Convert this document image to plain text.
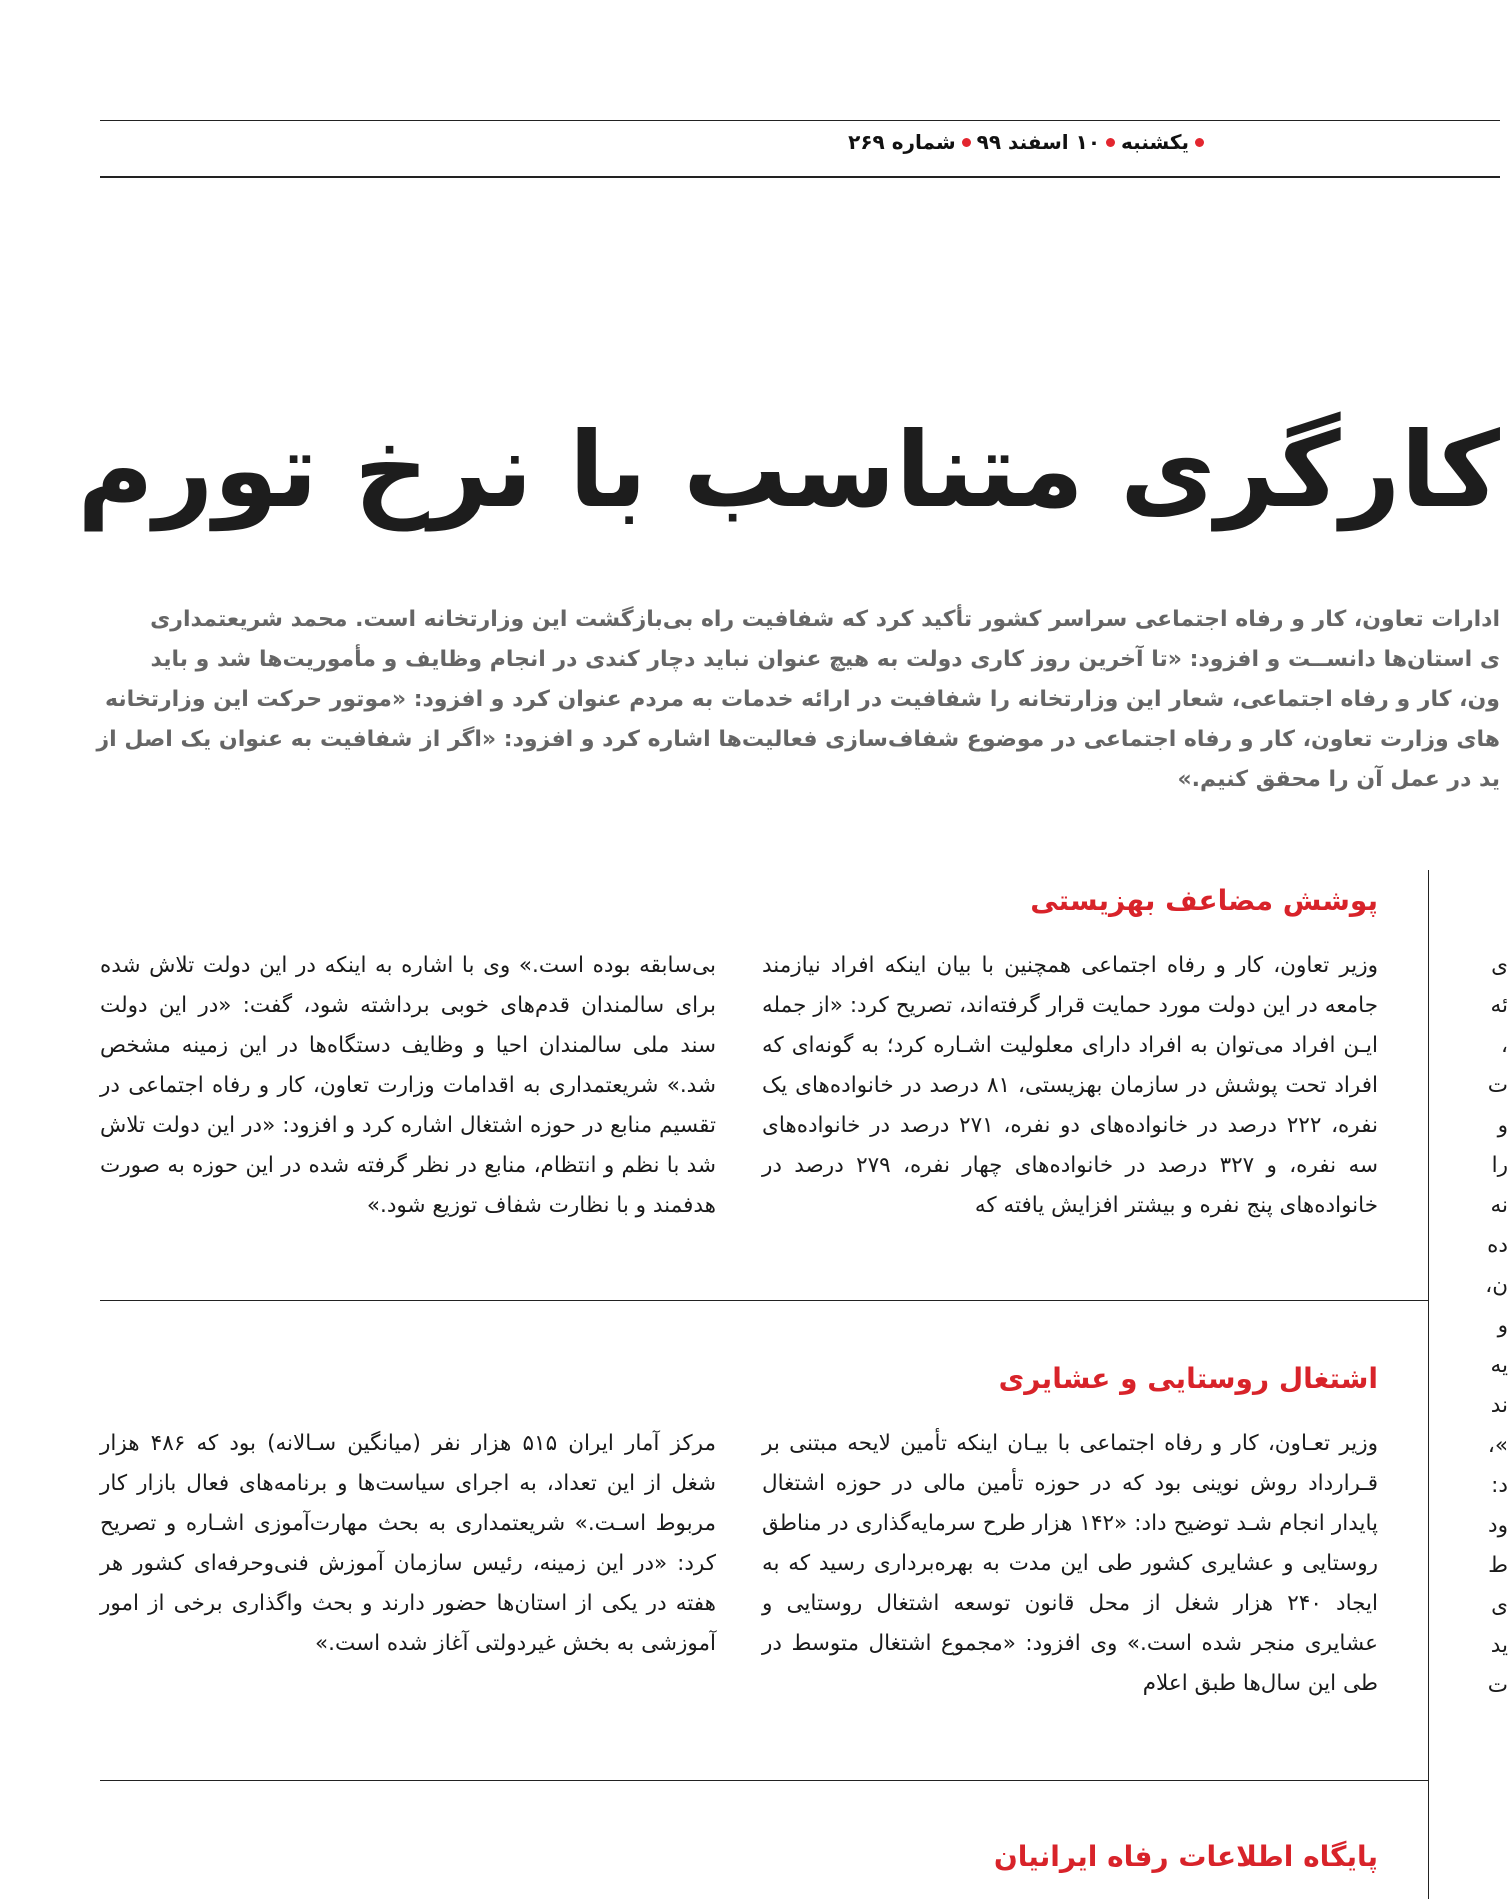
یکشنبه
۱۰ اسفند ۹۹
شماره ۲۶۹
کارگری متناسب با نرخ تورم
ادارات تعاون، کار و رفاه اجتماعی سراسر کشور تأکید کرد که شفافیت راه بی‌بازگشت این وزارتخانه است. محمد شریعتمداری
ی استان‌ها دانســت و افزود: «تا آخرین روز کاری دولت به هیچ عنوان نباید دچار کندی در انجام وظایف و مأموریت‌ها شد و باید
ون، کار و رفاه اجتماعی، شعار این وزارتخانه را شفافیت در ارائه خدمات به مردم عنوان کرد و افزود: «موتور حرکت این وزارتخانه
های وزارت تعاون، کار و رفاه اجتماعی در موضوع شفاف‌سازی فعالیت‌ها اشاره کرد و افزود: «اگر از شفافیت به عنوان یک اصل از
ید در عمل آن را محقق کنیم.»
پوشش مضاعف بهزیستی
وزیر تعاون، کار و رفاه اجتماعی همچنین با بیان اینکه افراد نیازمند جامعه در این دولت مورد حمایت قرار گرفته‌اند، تصریح کرد: «از جمله ایـن افراد می‌توان به افراد دارای معلولیت اشـاره کرد؛ به گونه‌ای که افراد تحت پوشش در سازمان بهزیستی، ۸۱ درصد در خانواده‌های یک نفره، ۲۲۲ درصد در خانواده‌های دو نفره، ۲۷۱ درصد در خانواده‌های سه نفره، و ۳۲۷ درصد در خانواده‌های چهار نفره، ۲۷۹ درصد در خانواده‌های پنج نفره و بیشتر افزایش یافته که
بی‌سابقه بوده است.» وی با اشاره به اینکه در این دولت تلاش شده برای سالمندان قدم‌های خوبی برداشته شود، گفت: «در این دولت سند ملی سالمندان احیا و وظایف دستگاه‌ها در این زمینه مشخص شد.» شریعتمداری به اقدامات وزارت تعاون، کار و رفاه اجتماعی در تقسیم منابع در حوزه اشتغال اشاره کرد و افزود: «در این دولت تلاش شد با نظم و انتظام، منابع در نظر گرفته شده در این حوزه به صورت هدفمند و با نظارت شفاف توزیع شود.»
اشتغال روستایی و عشایری
وزیر تعـاون، کار و رفاه اجتماعی با بیـان اینکه تأمین لایحه مبتنی بر قـرارداد روش نوینی بود که در حوزه تأمین مالی در حوزه اشتغال پایدار انجام شـد توضیح داد: «۱۴۲ هزار طرح سرمایه‌گذاری در مناطق روستایی و عشایری کشور طی این مدت به بهره‌برداری رسید که به ایجاد ۲۴۰ هزار شغل از محل قانون توسعه اشتغال روستایی و عشایری منجر شده است.» وی افزود: «مجموع اشتغال متوسط در طی این سال‌ها طبق اعلام
مرکز آمار ایران ۵۱۵ هزار نفر (میانگین سـالانه) بود که ۴۸۶ هزار شغل از این تعداد، به اجرای سیاست‌ها و برنامه‌های فعال بازار کار مربوط اسـت.» شریعتمداری به بحث مهارت‌آموزی اشـاره و تصریح کرد: «در این زمینه، رئیس سازمان آموزش فنی‌وحرفه‌ای کشور هر هفته در یکی از استان‌ها حضور دارند و بحث واگذاری برخی از امور آموزشی به بخش غیردولتی آغاز شده است.»
پایگاه اطلاعات رفاه ایرانیان
ی
ئه
،
ت
و
را
نه
ده
ن،
و
یه
ند
»،
د:
ود
ط
ی
ید
ت
